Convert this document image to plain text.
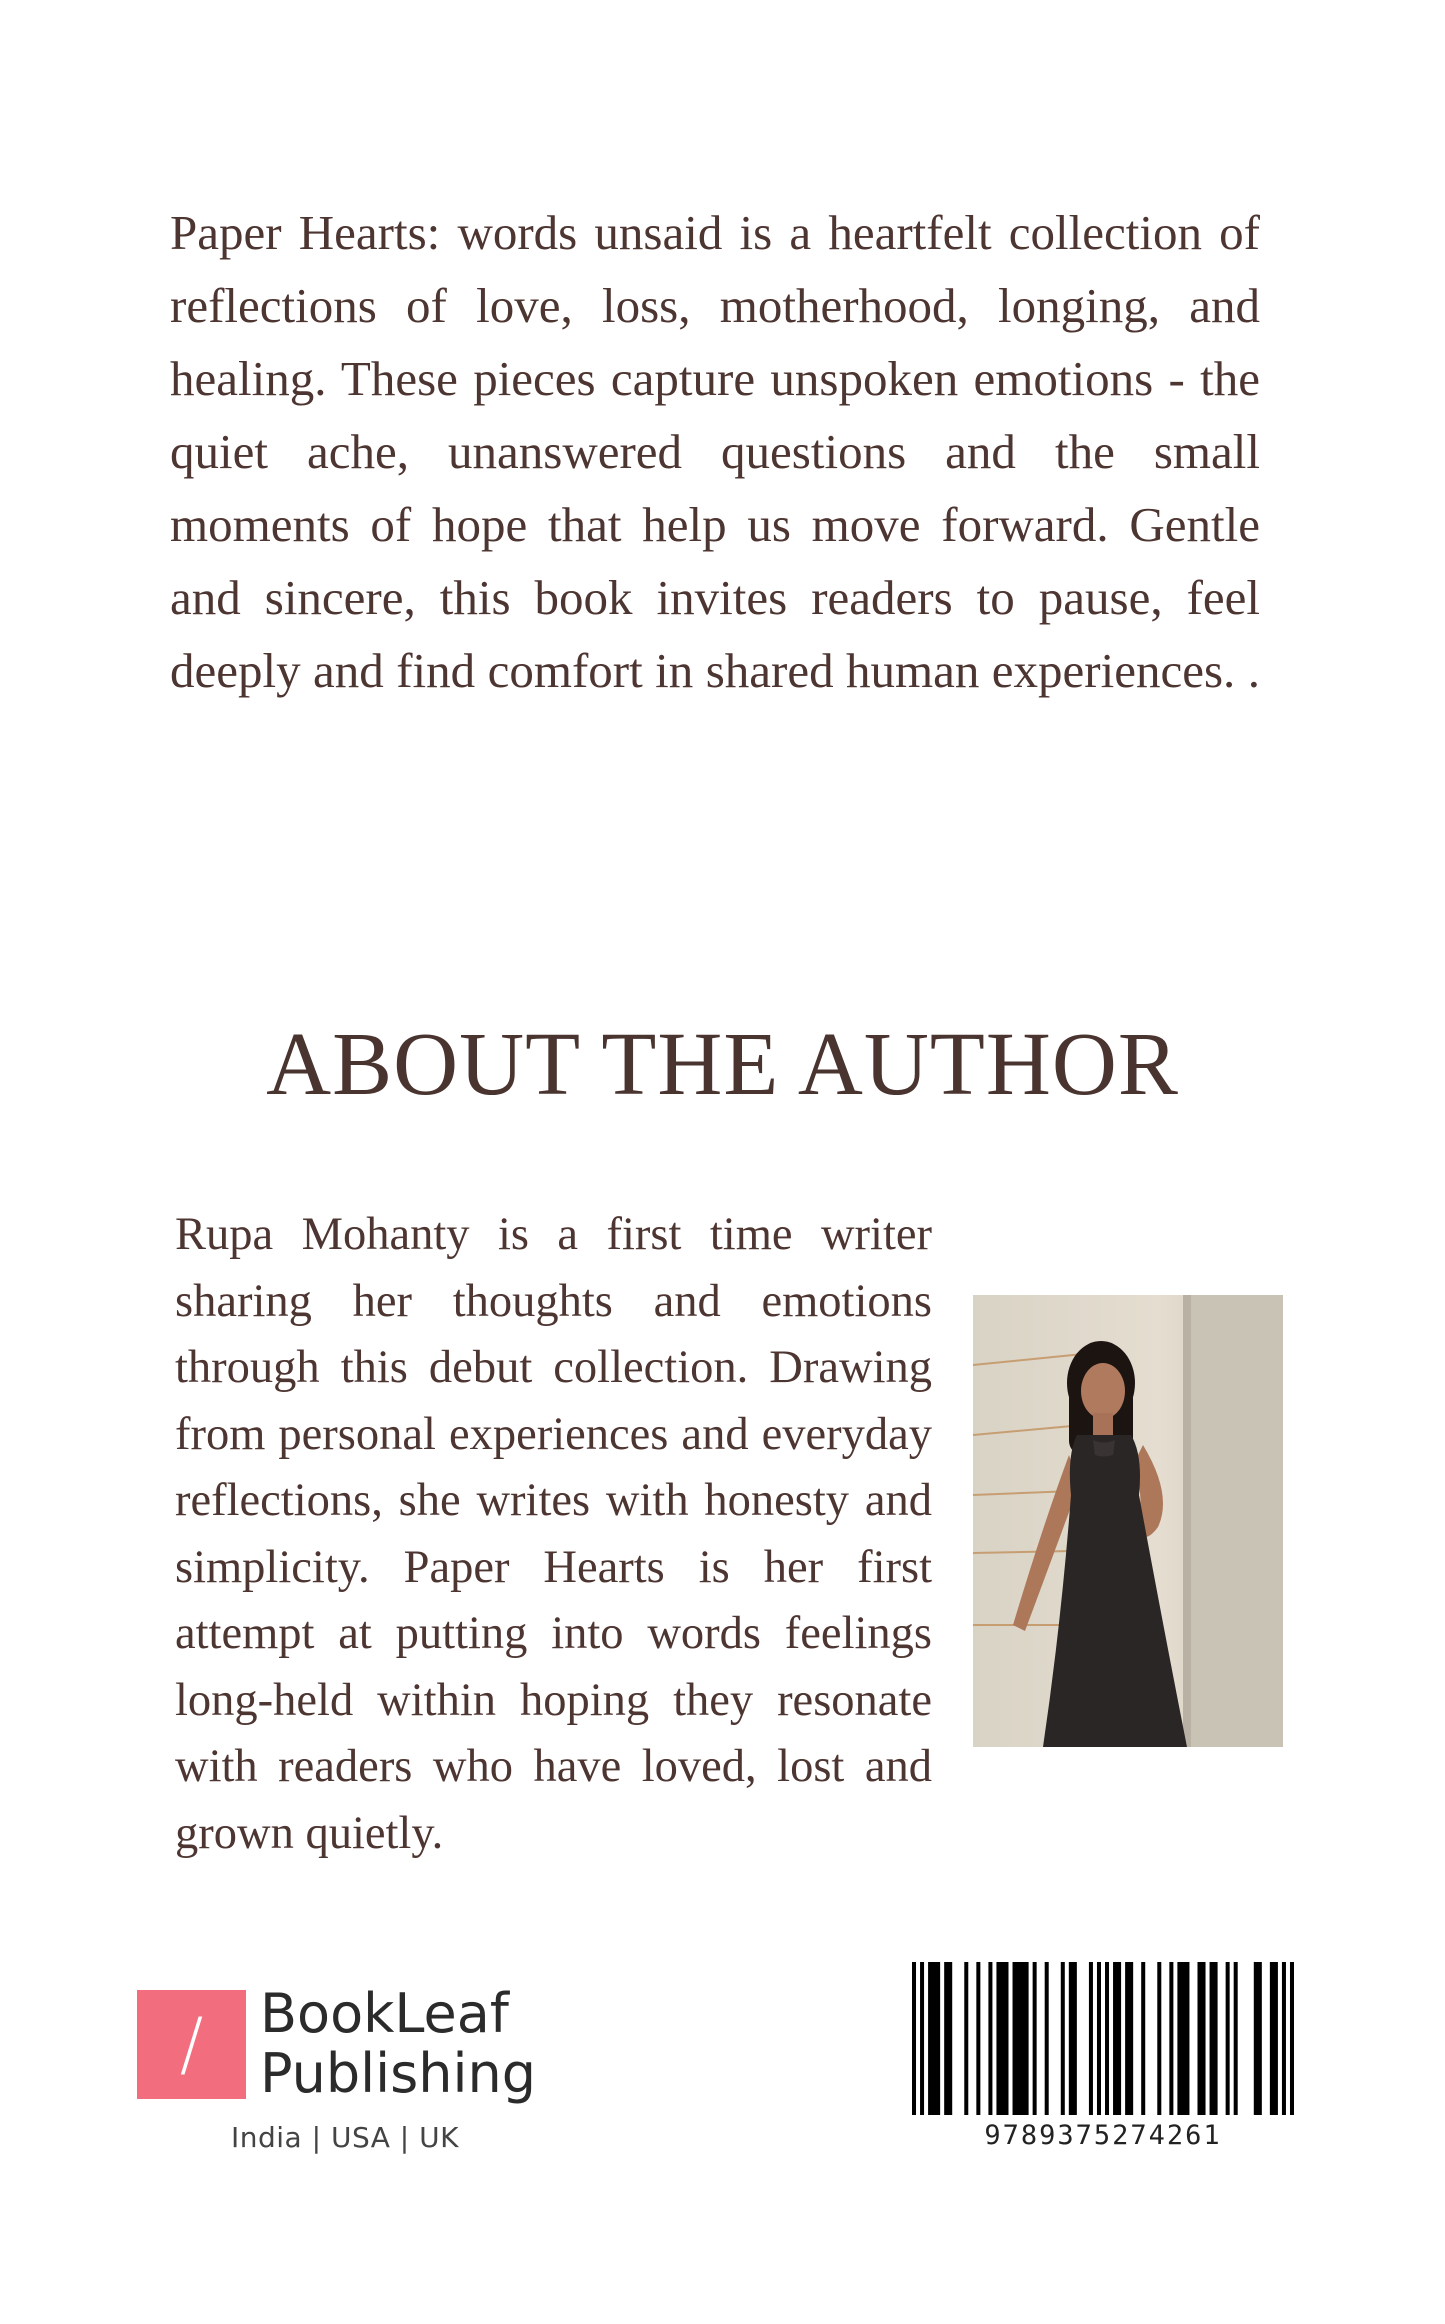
Paper Hearts: words unsaid is a heartfelt collection of reflections of love, loss, motherhood, longing, and healing. These pieces capture unspoken emotions - the quiet ache, unanswered questions and the small moments of hope that help us move forward. Gentle and sincere, this book invites readers to pause, feel deeply and find comfort in shared human experiences. .

ABOUT THE AUTHOR

Rupa Mohanty is a first time writer sharing her thoughts and emotions through this debut collection. Drawing from personal experiences and everyday reflections, she writes with honesty and simplicity. Paper Hearts is her first attempt at putting into words feelings long-held within hoping they resonate with readers who have loved, lost and grown quietly.

/	BookLeaf
Publishing
India | USA | UK	9789375274261
